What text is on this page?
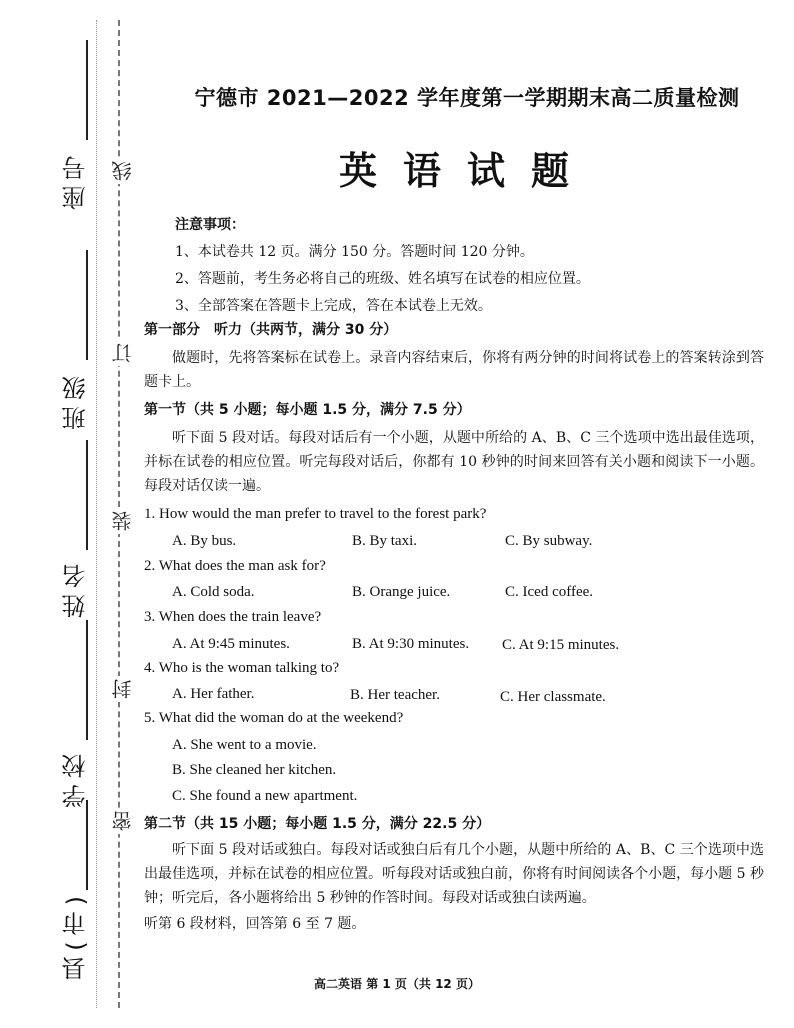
座号
班级
姓名
学校
县(市)
线
订
装
封
密
宁德市 2021—2022 学年度第一学期期末高二质量检测
英语试题
注意事项：
1、本试卷共 12 页。满分 150 分。答题时间 120 分钟。
2、答题前，考生务必将自己的班级、姓名填写在试卷的相应位置。
3、全部答案在答题卡上完成，答在本试卷上无效。
第一部分　听力（共两节，满分 30 分）
做题时，先将答案标在试卷上。录音内容结束后，你将有两分钟的时间将试卷上的答案转涂到答题卡上。
第一节（共 5 小题；每小题 1.5 分，满分 7.5 分）
听下面 5 段对话。每段对话后有一个小题，从题中所给的 A、B、C 三个选项中选出最佳选项，并标在试卷的相应位置。听完每段对话后，你都有 10 秒钟的时间来回答有关小题和阅读下一小题。每段对话仅读一遍。
1. How would the man prefer to travel to the forest park?
A. By bus.	B. By taxi.	C. By subway.
2. What does the man ask for?
A. Cold soda.	B. Orange juice.	C. Iced coffee.
3. When does the train leave?
A. At 9:45 minutes.	B. At 9:30 minutes. C. At 9:15 minutes.
4. Who is the woman talking to?
A. Her father.	B. Her teacher.	C. Her classmate.
5. What did the woman do at the weekend?
A. She went to a movie.
B. She cleaned her kitchen.
C. She found a new apartment.
第二节（共 15 小题；每小题 1.5 分，满分 22.5 分）
听下面 5 段对话或独白。每段对话或独白后有几个小题，从题中所给的 A、B、C 三个选项中选出最佳选项，并标在试卷的相应位置。听每段对话或独白前，你将有时间阅读各个小题，每小题 5 秒钟；听完后，各小题将给出 5 秒钟的作答时间。每段对话或独白读两遍。
听第 6 段材料，回答第 6 至 7 题。
高二英语 第 1 页（共 12 页）
